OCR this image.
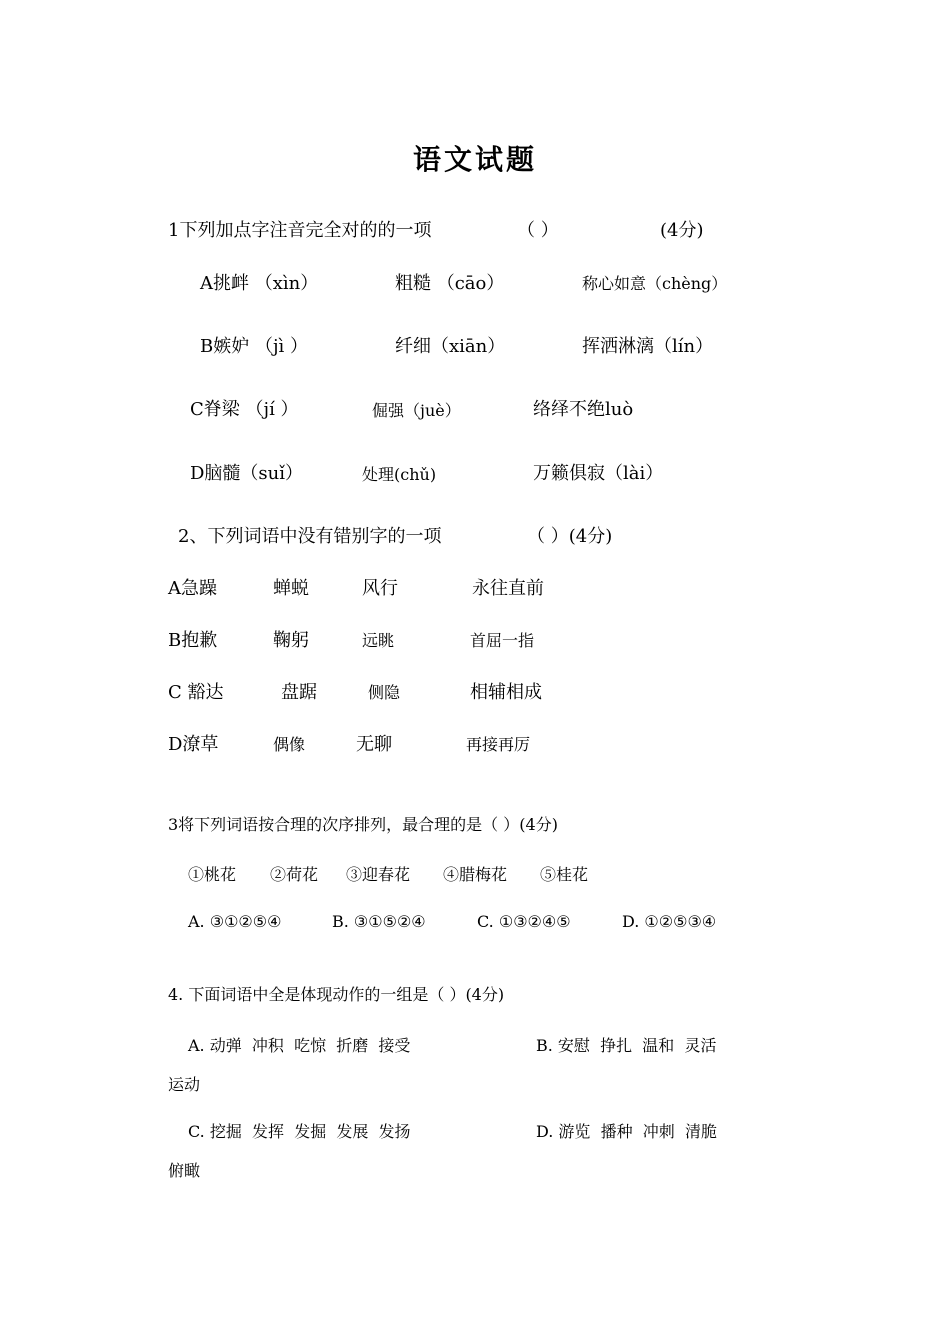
语文试题
1下列加点字注音完全对的的一项	（ ）	(4分)
A挑衅 （xìn）	粗糙 （cāo）	称心如意（chèng）
B嫉妒 （jì ）	纤细（xiān）	挥洒淋漓（lín）
C脊梁 （jí ）	倔强（juè）	络绎不绝luò
D脑髓（suǐ）	处理(chǔ)	万籁俱寂（lài）
2、下列词语中没有错别字的一项	（ ）(4分)
A急躁	蝉蜕	风行	永往直前
B抱歉	鞠躬	远眺	首屈一指
C 豁达	盘踞	侧隐	相辅相成
D潦草	偶像	无聊	再接再厉
3将下列词语按合理的次序排列，最合理的是（ ）(4分)
①桃花 ②荷花 ③迎春花 ④腊梅花 ⑤桂花
A. ③①②⑤④	B. ③①⑤②④	C. ①③②④⑤	D. ①②⑤③④
4. 下面词语中全是体现动作的一组是（ ）(4分)
A. 动弹  冲积  吃惊  折磨  接受	B. 安慰  挣扎  温和  灵活
运动
C. 挖掘  发挥  发掘  发展  发扬	D. 游览  播种  冲刺  清脆
俯瞰
